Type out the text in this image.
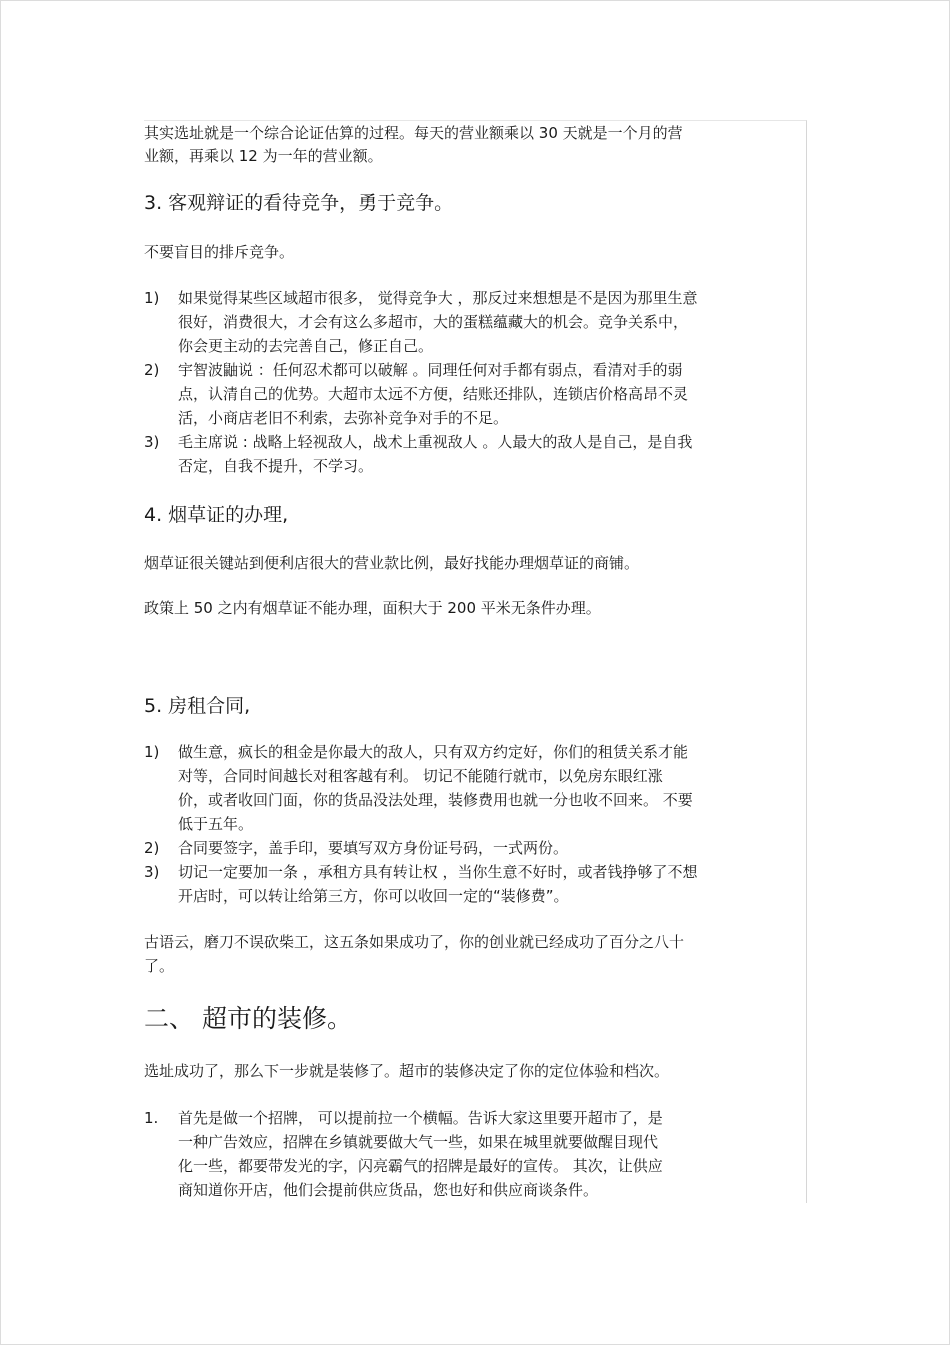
其实选址就是一个综合论证估算的过程。每天的营业额乘以 30 天就是一个月的营
业额，再乘以 12 为一年的营业额。
3. 客观辩证的看待竞争，勇于竞争。
不要盲目的排斥竞争。
1)	如果觉得某些区域超市很多， 觉得竞争大 ，那反过来想想是不是因为那里生意
很好，消费很大，才会有这么多超市，大的蛋糕蕴藏大的机会。竞争关系中，
你会更主动的去完善自己，修正自己。
2)	宇智波鼬说 ：任何忍术都可以破解 。同理任何对手都有弱点，看清对手的弱
点，认清自己的优势。大超市太远不方便，结账还排队，连锁店价格高昂不灵
活，小商店老旧不利索，去弥补竞争对手的不足。
3)	毛主席说 : 战略上轻视敌人，战术上重视敌人 。人最大的敌人是自己，是自我
否定，自我不提升，不学习。
4. 烟草证的办理,
烟草证很关键站到便利店很大的营业款比例，最好找能办理烟草证的商铺。
政策上 50 之内有烟草证不能办理，面积大于 200 平米无条件办理。
5. 房租合同,
1)	做生意，疯长的租金是你最大的敌人，只有双方约定好，你们的租赁关系才能
对等，合同时间越长对租客越有利。 切记不能随行就市，以免房东眼红涨
价，或者收回门面，你的货品没法处理，装修费用也就一分也收不回来。 不要
低于五年。
2)	合同要签字，盖手印，要填写双方身份证号码，一式两份。
3)	切记一定要加一条 ，承租方具有转让权 ，当你生意不好时，或者钱挣够了不想
开店时，可以转让给第三方，你可以收回一定的“装修费”。
古语云，磨刀不误砍柴工，这五条如果成功了，你的创业就已经成功了百分之八十
了。
二、 超市的装修。
选址成功了，那么下一步就是装修了。超市的装修决定了你的定位体验和档次。
1.	首先是做一个招牌， 可以提前拉一个横幅。告诉大家这里要开超市了，是
一种广告效应，招牌在乡镇就要做大气一些，如果在城里就要做醒目现代
化一些，都要带发光的字，闪亮霸气的招牌是最好的宣传。 其次，让供应
商知道你开店，他们会提前供应货品，您也好和供应商谈条件。
